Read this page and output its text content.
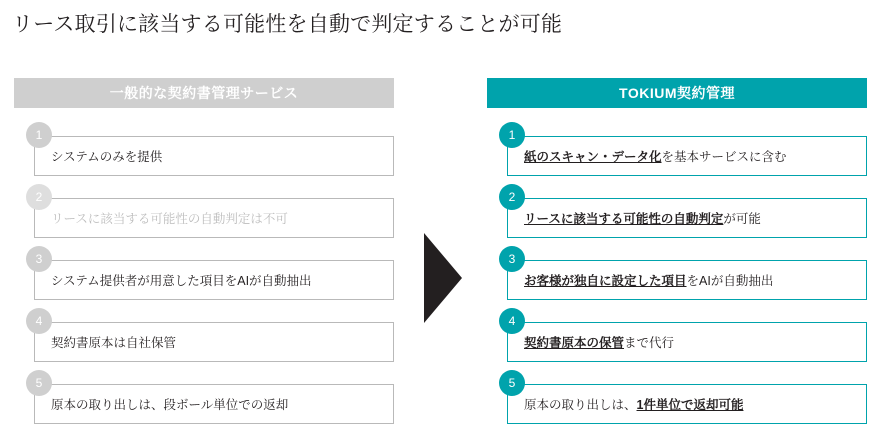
リース取引に該当する可能性を自動で判定することが可能
一般的な契約書管理サービス
1
システムのみを提供
2
リースに該当する可能性の自動判定は不可
3
システム提供者が用意した項目をAIが自動抽出
4
契約書原本は自社保管
5
原本の取り出しは、段ボール単位での返却
TOKIUM契約管理
1
紙のスキャン・データ化 を基本サービスに含む
2
リースに該当する可能性の自動判定 が可能
3
お客様が独自に設定した項目 をAIが自動抽出
4
契約書原本の保管 まで代行
5
原本の取り出しは、 1件単位で返却可能
